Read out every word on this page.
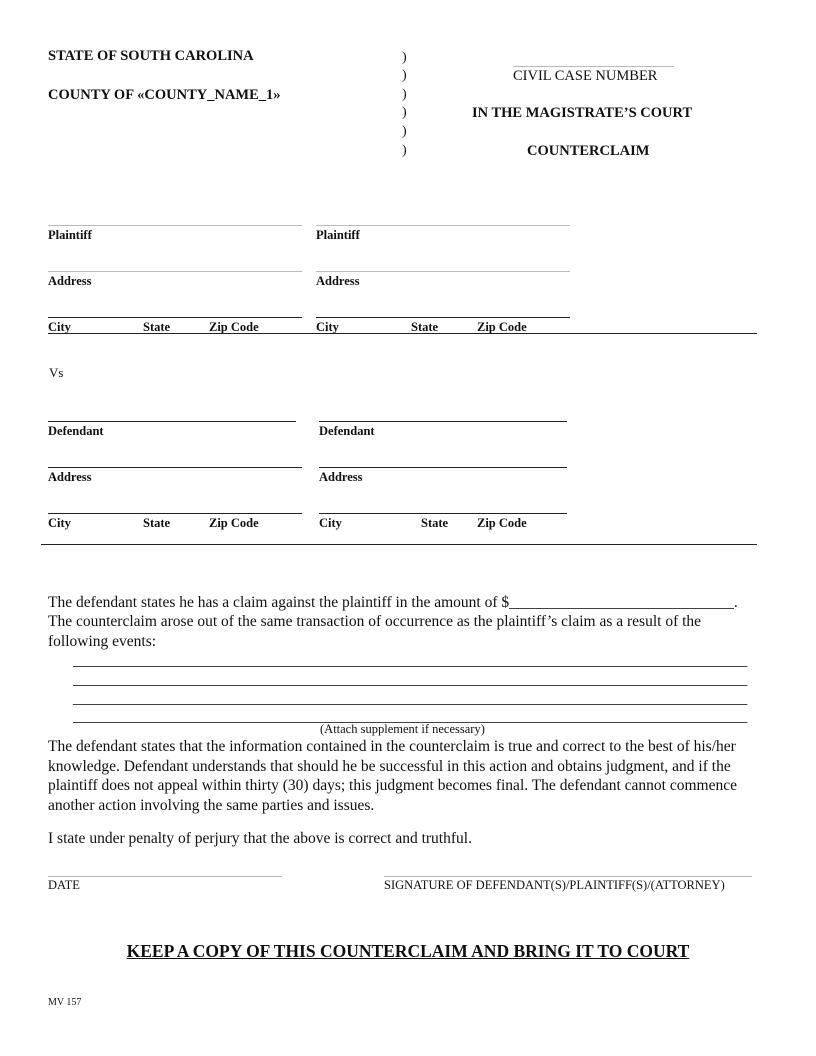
STATE OF SOUTH CAROLINA
COUNTY OF «COUNTY_NAME_1»
)
)
)
)
)
)
CIVIL CASE NUMBER
IN THE MAGISTRATE’S COURT
COUNTERCLAIM
Plaintiff	Plaintiff
Address	Address
City	State	Zip Code	City	State	Zip Code
Vs
Defendant	Defendant
Address	Address
City	State	Zip Code	City	State Zip Code
The defendant states he has a claim against the plaintiff in the amount of $_____________________________.
The counterclaim arose out of the same transaction of occurrence as the plaintiff’s claim as a result of the following events:
_______________________________________________________________________________________
_______________________________________________________________________________________
_______________________________________________________________________________________
_______________________________________________________________________________________
(Attach supplement if necessary)
The defendant states that the information contained in the counterclaim is true and correct to the best of his/her knowledge. Defendant understands that should he be successful in this action and obtains judgment, and if the plaintiff does not appeal within thirty (30) days; this judgment becomes final. The defendant cannot commence another action involving the same parties and issues.
I state under penalty of perjury that the above is correct and truthful.
DATE	SIGNATURE OF DEFENDANT(S)/PLAINTIFF(S)/(ATTORNEY)
KEEP A COPY OF THIS COUNTERCLAIM AND BRING IT TO COURT
MV 157
